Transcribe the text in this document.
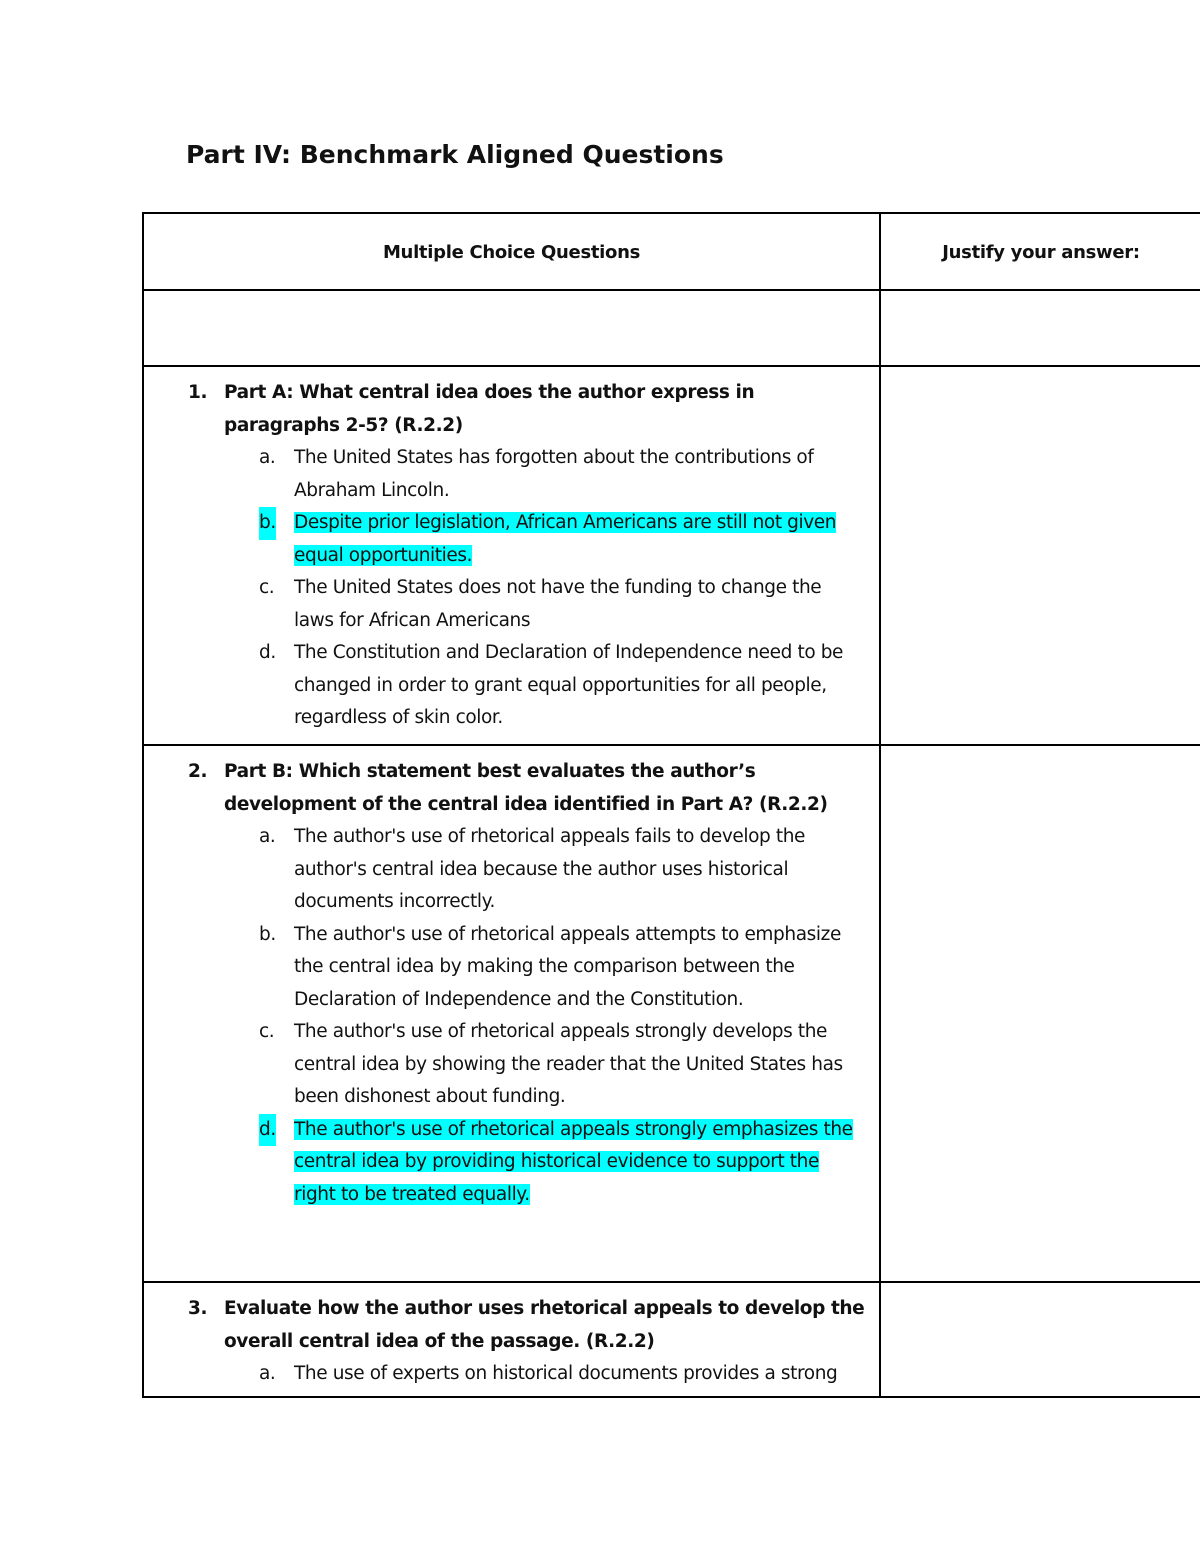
Part IV: Benchmark Aligned Questions
Multiple Choice Questions	Justify your answer:
1. Part A: What central idea does the author express in paragraphs 2-5? (R.2.2)
a. The United States has forgotten about the contributions of Abraham Lincoln.
b. Despite prior legislation, African Americans are still not given equal opportunities.
c. The United States does not have the funding to change the laws for African Americans
d. The Constitution and Declaration of Independence need to be changed in order to grant equal opportunities for all people, regardless of skin color.
2. Part B: Which statement best evaluates the author’s development of the central idea identified in Part A? (R.2.2)
a. The author's use of rhetorical appeals fails to develop the author's central idea because the author uses historical documents incorrectly.
b. The author's use of rhetorical appeals attempts to emphasize the central idea by making the comparison between the Declaration of Independence and the Constitution.
c. The author's use of rhetorical appeals strongly develops the central idea by showing the reader that the United States has been dishonest about funding.
d. The author's use of rhetorical appeals strongly emphasizes the central idea by providing historical evidence to support the right to be treated equally.
3. Evaluate how the author uses rhetorical appeals to develop the overall central idea of the passage. (R.2.2)
a. The use of experts on historical documents provides a strong
